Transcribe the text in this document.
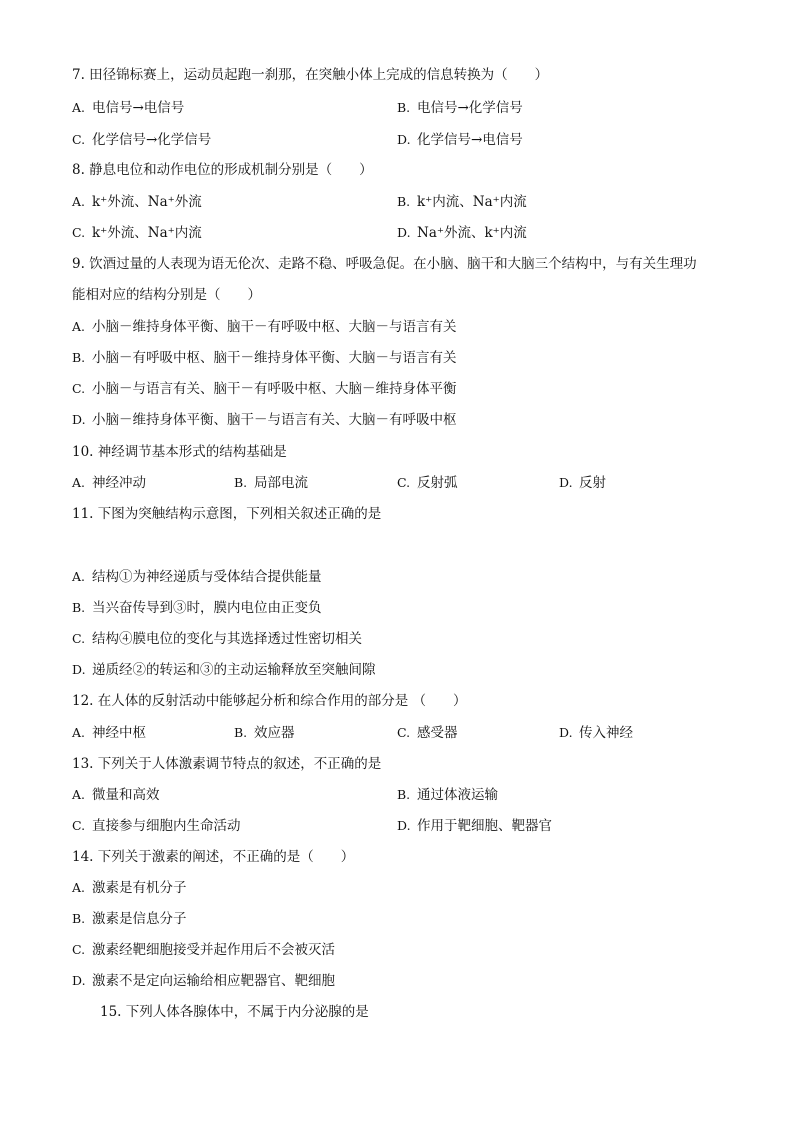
7. 田径锦标赛上，运动员起跑一刹那，在突触小体上完成的信息转换为（　　）
A. 电信号→电信号	B. 电信号→化学信号
C. 化学信号→化学信号	D. 化学信号→电信号
8. 静息电位和动作电位的形成机制分别是（　　）
A. k⁺外流、Na⁺外流	B. k⁺内流、Na⁺内流
C. k⁺外流、Na⁺内流	D. Na⁺外流、k⁺内流
9. 饮酒过量的人表现为语无伦次、走路不稳、呼吸急促。在小脑、脑干和大脑三个结构中，与有关生理功
能相对应的结构分别是（　　）
A. 小脑－维持身体平衡、脑干－有呼吸中枢、大脑－与语言有关
B. 小脑－有呼吸中枢、脑干－维持身体平衡、大脑－与语言有关
C. 小脑－与语言有关、脑干－有呼吸中枢、大脑－维持身体平衡
D. 小脑－维持身体平衡、脑干－与语言有关、大脑－有呼吸中枢
10. 神经调节基本形式的结构基础是
A. 神经冲动	B. 局部电流	C. 反射弧	D. 反射
11. 下图为突触结构示意图，下列相关叙述正确的是
A. 结构①为神经递质与受体结合提供能量
B. 当兴奋传导到③时，膜内电位由正变负
C. 结构④膜电位的变化与其选择透过性密切相关
D. 递质经②的转运和③的主动运输释放至突触间隙
12. 在人体的反射活动中能够起分析和综合作用的部分是 （　　）
A. 神经中枢	B. 效应器	C. 感受器	D. 传入神经
13. 下列关于人体激素调节特点的叙述，不正确的是
A. 微量和高效	B. 通过体液运输
C. 直接参与细胞内生命活动	D. 作用于靶细胞、靶器官
14. 下列关于激素的阐述，不正确的是（　　）
A. 激素是有机分子
B. 激素是信息分子
C. 激素经靶细胞接受并起作用后不会被灭活
D. 激素不是定向运输给相应靶器官、靶细胞
15. 下列人体各腺体中，不属于内分泌腺的是
